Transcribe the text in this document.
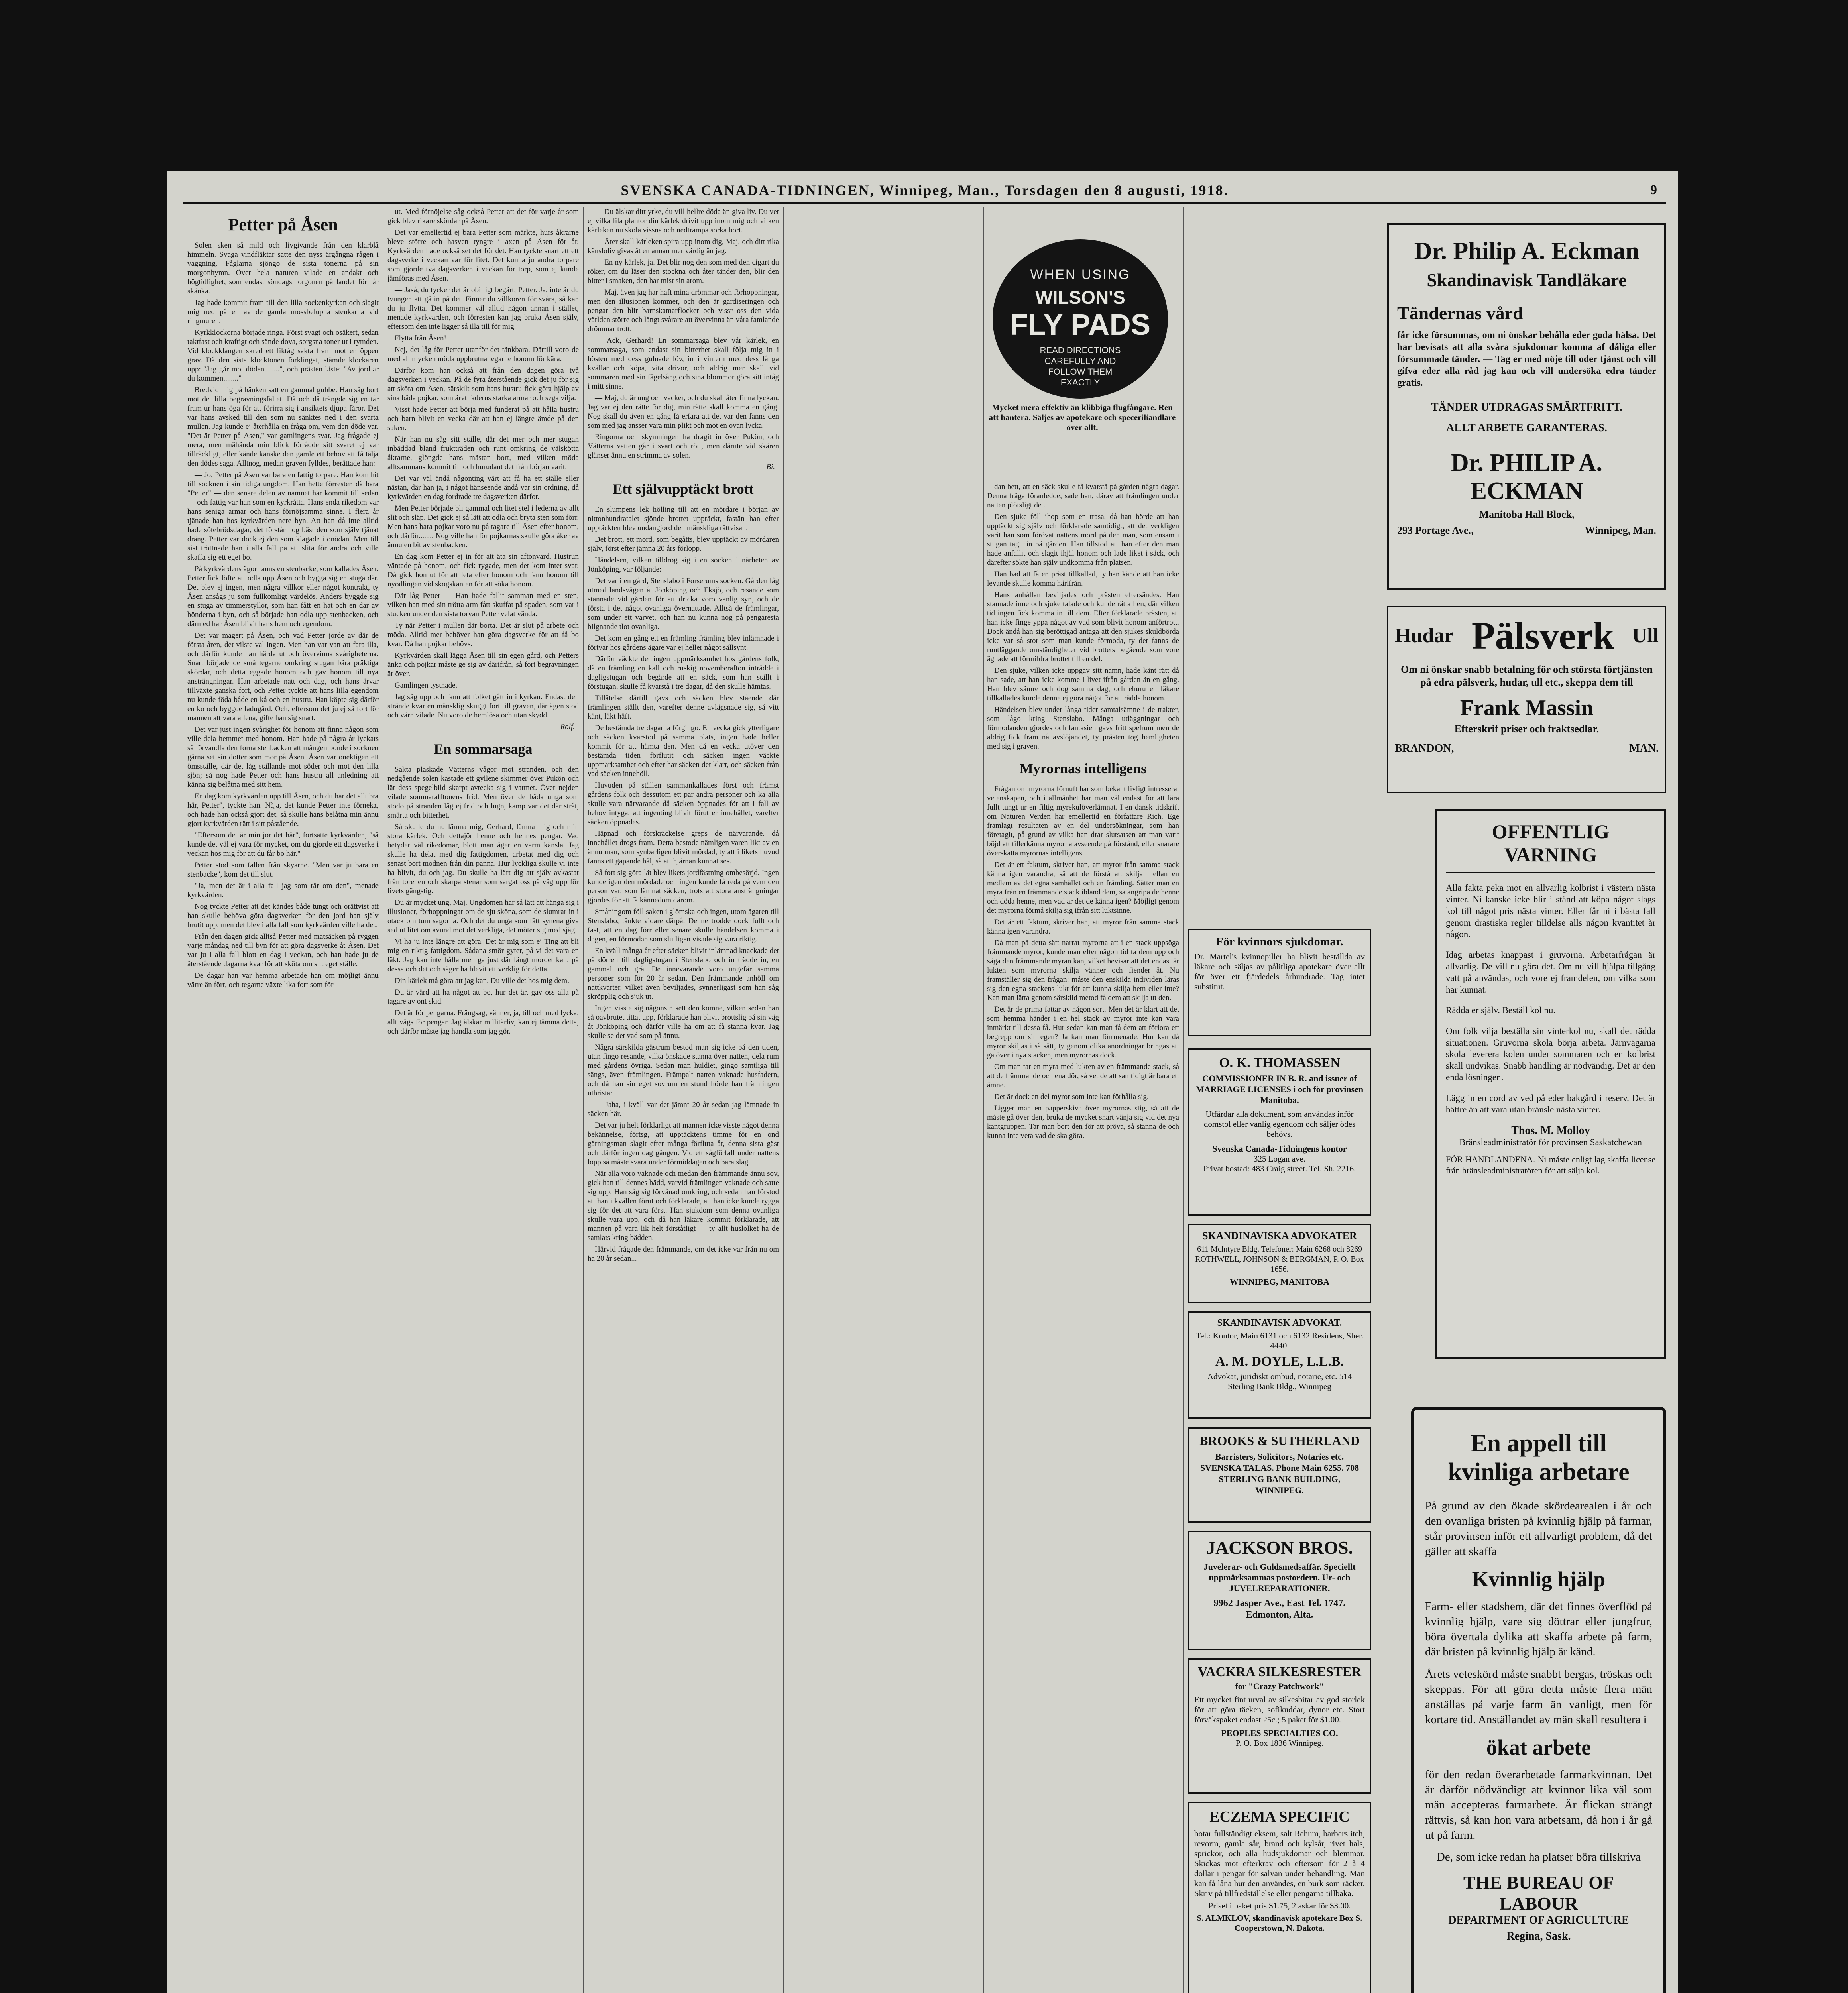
SVENSKA CANADA-TIDNINGEN, Winnipeg, Man., Torsdagen den 8 augusti, 1918.	9
Petter på Åsen

Solen sken så mild och livgivande från den klarblå himmeln. Svaga vindfläktar satte den nyss ärgångna rågen i vaggning. Fåglarna sjöngo de sista tonerna på sin morgonhymn. Över hela naturen vilade en andakt och högtidlighet, som endast söndagsmorgonen på landet förmår skänka.

Jag hade kommit fram till den lilla sockenkyrkan och slagit mig ned på en av de gamla mossbelupna stenkarna vid ringmuren.

Kyrkklockorna började ringa. Först svagt och osäkert, sedan taktfast och kraftigt och sände dova, sorgsna toner ut i rymden. Vid klockklangen skred ett liktåg sakta fram mot en öppen grav. Då den sista klocktonen förklingat, stämde klockaren upp: "Jag går mot döden........", och prästen läste: "Av jord är du kommen........"

Bredvid mig på bänken satt en gammal gubbe. Han såg bort mot det lilla begravningsfältet. Då och då trängde sig en tår fram ur hans öga för att förirra sig i ansiktets djupa fåror. Det var hans avsked till den som nu sänktes ned i den svarta mullen. Jag kunde ej återhålla en fråga om, vem den döde var. "Det är Petter på Åsen," var gamlingens svar. Jag frågade ej mera, men mähända min blick förrådde sitt svaret ej var tillräckligt, eller kände kanske den gamle ett behov att få tälja den dödes saga. Alltnog, medan graven fylldes, berättade han:

— Jo, Petter på Åsen var bara en fattig torpare. Han kom hit till socknen i sin tidiga ungdom. Han hette förresten då bara "Petter" — den senare delen av namnet har kommit till sedan — och fattig var han som en kyrkråtta. Hans enda rikedom var hans seniga armar och hans förnöjsamma sinne. I flera år tjänade han hos kyrkvärden nere byn. Att han då inte alltid hade sötebrödsdagar, det förstår nog bäst den som själv tjänat dräng. Petter var dock ej den som klagade i onödan. Men till sist tröttnade han i alla fall på att slita för andra och ville skaffa sig ett eget bo.

På kyrkvärdens ägor fanns en stenbacke, som kallades Åsen. Petter fick löfte att odla upp Åsen och bygga sig en stuga där. Det blev ej ingen, men några villkor eller något kontrakt, ty Åsen ansågs ju som fullkomligt värdelös. Anders byggde sig en stuga av timmerstyllor, som han fått en hat och en dar av bönderna i byn, och så började han odla upp stenbacken, och därmed har Åsen blivit hans hem och egendom.

Det var magert på Åsen, och vad Petter jorde av där de första åren, det vilste val ingen. Men han var van att fara illa, och därför kunde han härda ut och övervinna svårigheterna. Snart började de små tegarne omkring stugan bära präktiga skördar, och detta eggade honom och gav honom till nya ansträngningar. Han arbetade natt och dag, och hans ärvar tillväxte ganska fort, och Petter tyckte att hans lilla egendom nu kunde föda både en kå och en hustru. Han köpte sig därför en ko och byggde ladugård. Och, eftersom det ju ej så fort för mannen att vara allena, gifte han sig snart.

Det var just ingen svårighet för honom att finna någon som ville dela hemmet med honom. Han hade på några år lyckats så förvandla den forna stenbacken att mången bonde i socknen gärna set sin dotter som mor på Åsen. Åsen var onektigen ett ömsställe, där det låg ställande mot söder och mot den lilla sjön; så nog hade Petter och hans hustru all anledning att känna sig belåtna med sitt hem.

En dag kom kyrkvärden upp till Åsen, och du har det allt bra här, Petter", tyckte han. Nåja, det kunde Petter inte förneka, och hade han också gjort det, så skulle hans belåtna min ännu gjort kyrkvärden rätt i sitt påstående.

"Eftersom det är min jor det här", fortsatte kyrkvärden, "så kunde det väl ej vara för mycket, om du gjorde ett dagsverke i veckan hos mig för att du får bo här."

Petter stod som fallen från skyarne. "Men var ju bara en stenbacke", kom det till slut.

"Ja, men det är i alla fall jag som rår om den", menade kyrkvärden.

Nog tyckte Petter att det kändes både tungt och orättvist att han skulle behöva göra dagsverken för den jord han själv brutit upp, men det blev i alla fall som kyrkvärden ville ha det.

Från den dagen gick alltså Petter med matsäcken på ryggen varje måndag ned till byn för att göra dagsverke åt Åsen. Det var ju i alla fall blott en dag i veckan, och han hade ju de återstående dagarna kvar för att sköta om sitt eget ställe.

De dagar han var hemma arbetade han om möjligt ännu värre än förr, och tegarne växte lika fort som för-

ut. Med förnöjelse såg också Petter att det för varje år som gick blev rikare skördar på Åsen.

Det var emellertid ej bara Petter som märkte, hurs åkrarne bleve större och hasven tyngre i axen på Åsen för år. Kyrkvärden hade också set det för det. Han tyckte snart ett ett dagsverke i veckan var för litet. Det kunna ju andra torpare som gjorde två dagsverken i veckan för torp, som ej kunde jämföras med Åsen.

— Jaså, du tycker det är obilligt begärt, Petter. Ja, inte är du tvungen att gå in på det. Finner du villkoren för svåra, så kan du ju flytta. Det kommer väl alltid någon annan i stället, menade kyrkvärden, och förresten kan jag bruka Åsen själv, eftersom den inte ligger så illa till för mig.

Flytta från Åsen!

Nej, det låg för Petter utanför det tänkbara. Därtill voro de med all mycken möda uppbrutna tegarne honom för kära.

Därför kom han också att från den dagen göra två dagsverken i veckan. På de fyra återstående gick det ju för sig att sköta om Åsen, särskilt som hans hustru fick göra hjälp av sina båda pojkar, som ärvt faderns starka armar och sega vilja.

Visst hade Petter att börja med funderat på att hålla hustru och barn blivit en vecka där att han ej längre ämde på den saken.

När han nu såg sitt ställe, där det mer och mer stugan inbäddad bland fruktträden och runt omkring de välskötta åkrarne, glöngde hans mästan bort, med vilken möda alltsammans kommit till och hurudant det från början varit.

Det var väl ändå någonting värt att få ha ett ställe eller nästan, där han ja, i något hänseende ändå var sin ordning, då kyrkvärden en dag fordrade tre dagsverken därfor.

Men Petter började bli gammal och litet stel i lederna av allt slit och släp. Det gick ej så lätt att odla och bryta sten som förr. Men hans bara pojkar voro nu på tagare till Åsen efter honom, och därför........ Nog ville han för pojkarnas skulle göra åker av ännu en bit av stenbacken.

En dag kom Petter ej in för att äta sin aftonvard. Hustrun väntade på honom, och fick rygade, men det kom intet svar. Då gick hon ut för att leta efter honom och fann honom till nyodlingen vid skogskanten för att söka honom.

Där låg Petter — Han hade fallit samman med en sten, vilken han med sin trötta arm fått skuffat på spaden, som var i stucken under den sista torvan Petter velat vända.

Ty när Petter i mullen där borta. Det är slut på arbete och möda. Alltid mer behöver han göra dagsverke för att få bo kvar. Då han pojkar behövs.

Kyrkvärden skall lägga Åsen till sin egen gård, och Petters änka och pojkar måste ge sig av därifrån, så fort begravningen är över.

Gamlingen tystnade.

Jag såg upp och fann att folket gått in i kyrkan. Endast den strände kvar en mänsklig skuggt fort till graven, där ägen stod och värn vilade. Nu voro de hemlösa och utan skydd.

Rolf.
En sommarsaga

Sakta plaskade Vätterns vågor mot stranden, och den nedgående solen kastade ett gyllene skimmer över Pukön och lät dess spegelbild skarpt avtecka sig i vattnet. Över nejden vilade sommarafftonens frid. Men över de båda unga som stodo på stranden låg ej frid och lugn, kamp var det där stråt, smärta och bitterhet.

Så skulle du nu lämna mig, Gerhard, lämna mig och min stora kärlek. Och dettajör henne och hennes pengar. Vad betyder väl rikedomar, blott man äger en varm känsla. Jag skulle ha delat med dig fattigdomen, arbetat med dig och senast bort modnen från din panna. Hur lyckliga skulle vi inte ha blivit, du och jag. Du skulle ha lärt dig att själv avkastat från torenen och skarpa stenar som sargat oss på väg upp för livets gängstig.

Du är mycket ung, Maj. Ungdomen har så lätt att hänga sig i illusioner, förhoppningar om de sju sköna, som de slumrar in i otack om tum sagorna. Och det du unga som fått synena giva sed ut litet om avund mot det verkliga, det möter sig med sjäg.

Vi ha ju inte längre att göra. Det är mig som ej Ting att bli mig en riktig fattigdom. Sådana smör gyter, på vi det vara en läkt. Jag kan inte hålla men ga just där längt mordet kan, på dessa och det och säger ha blevit ett verklig för detta.

Din kärlek må göra att jag kan. Du ville det hos mig dem.

Du är värd att ha något att bo, hur det är, gav oss alla på tagare av ont skid.

Det är för pengarna. Frängsag, vänner, ja, till och med lycka, allt vägs för pengar. Jag älskar millitärliv, kan ej tämma detta, och därför måste jag handla som jag gör.

— Du älskar ditt yrke, du vill hellre döda än giva liv. Du vet ej vilka lila plantor din kärlek drivit upp inom mig och vilken kärleken nu skola vissna och nedtrampa sorka bort.

— Åter skall kärleken spira upp inom dig, Maj, och ditt rika känsloliv givas åt en annan mer värdig än jag.

— En ny kärlek, ja. Det blir nog den som med den cigart du röker, om du läser den stockna och åter tänder den, blir den bitter i smaken, den har mist sin arom.

— Maj, även jag har haft mina drömmar och förhoppningar, men den illusionen kommer, och den är gardiseringen och pengar den blir barnskamarflocker och vissr oss den vida världen större och längt svårare att övervinna än våra famlande drömmar trott.

— Ack, Gerhard! En sommarsaga blev vår kärlek, en sommarsaga, som endast sin bitterhet skall följa mig in i hösten med dess gulnade löv, in i vintern med dess långa kvällar och köpa, vita drivor, och aldrig mer skall vid sommaren med sin fågelsång och sina blommor göra sitt intåg i mitt sinne.

— Maj, du är ung och vacker, och du skall åter finna lyckan. Jag var ej den rätte för dig, min rätte skall komma en gång. Nog skall du även en gång få erfara att det var den fanns den som med jag ansser vara min plikt och mot en ovan lycka.

Ringorna och skymningen ha dragit in över Pukön, och Vätterns vatten går i svart och rött, men därute vid skären glänser ännu en strimma av solen.

Bi.
Ett självupptäckt brott

En slumpens lek hölling till att en mördare i början av nittonhundratalet sjönde brottet uppräckt, fastän han efter upptäckten blev undangjord den mänskliga rättvisan.

Det brott, ett mord, som begåtts, blev upptäckt av mördaren själv, först efter jämna 20 års förlopp.

Händelsen, vilken tilldrog sig i en socken i närheten av Jönköping, var följande:

Det var i en gård, Stenslabo i Forserums socken. Gården låg utmed landsvägen åt Jönköping och Eksjö, och resande som stannade vid gården för att dricka voro vanlig syn, och de första i det något ovanliga övernattade. Alltså de främlingar, som under ett varvet, och han nu kunna nog på pengaresta bilgnande tlot ovanliga.

Det kom en gång ett en främling främling blev inlämnade i förtvar hos gårdens ägare var ej heller något sällsynt.

Därför väckte det ingen uppmärksamhet hos gårdens folk, då en främling en kall och ruskig novemberafton inträdde i dagligstugan och begärde att en säck, som han ställt i förstugan, skulle få kvarstå i tre dagar, då den skulle hämtas.

Tillåtelse därtill gavs och säcken blev stående där främlingen ställt den, varefter denne avlägsnade sig, så vitt känt, läkt häft.

De bestämda tre dagarna förgingo. En vecka gick ytterligare och säcken kvarstod på samma plats, ingen hade heller kommit för att hämta den. Men då en vecka utöver den bestämda tiden förflutit och säcken ingen väckte uppmärksamhet och efter har säcken det klart, och säcken från vad säcken innehöll.

Huvuden på ställen sammankallades först och främst gårdens folk och dessutom ett par andra personer och ka alla skulle vara närvarande då säcken öppnades för att i fall av behov intyga, att ingenting blivit förut er innehållet, varefter säcken öppnades.

Häpnad och förskräckelse greps de närvarande. då innehållet drogs fram. Detta bestode nämligen varen likt av en ännu man, som synbarligen blivit mördad, ty att i likets huvud fanns ett gapande hål, så att hjärnan kunnat ses.

Så fort sig göra lät blev likets jordfästning ombesörjd. Ingen kunde igen den mördade och ingen kunde få reda på vem den person var, som lämnat säcken, trots att stora ansträngningar gjordes för att få kännedom därom.

Småningom föll saken i glömska och ingen, utom ägaren till Stenslabo, tänkte vidare därpå. Denne trodde dock fullt och fast, att en dag förr eller senare skulle händelsen komma i dagen, en förmodan som slutligen visade sig vara riktig.

En kväll många år efter säcken blivit inlämnad knackade det på dörren till dagligstugan i Stenslabo och in trädde in, en gammal och grå. De innevarande voro ungefär samma personer som för 20 år sedan. Den främmande anhöll om nattkvarter, vilket även beviljades, synnerligast som han såg skröpplig och sjuk ut.

Ingen visste sig någonsin sett den komne, vilken sedan han så oavbrutet tittat upp, förklarade han blivit brottslig på sin väg åt Jönköping och därför ville ha om att få stanna kvar. Jag skulle se det vad som på ännu.

Några särskilda gästrum bestod man sig icke på den tiden, utan fingo resande, vilka önskade stanna över natten, dela rum med gårdens övriga. Sedan man huldlet, gingo samtliga till sängs, även främlingen. Främpalt natten vaknade husfadern, och då han sin eget sovrum en stund hörde han främlingen utbrista:

— Jaha, i kväll var det jämnt 20 år sedan jag lämnade in säcken här.

Det var ju helt förklarligt att mannen icke visste något denna bekännelse, förtsg, att upptäcktens timme för en ond gärningsman slagit efter många förfluta år, denna sista gäst och därför ingen dag gången. Vid ett sågförfall under nattens lopp så måste svara under förmiddagen och bara slag.

När alla voro vaknade och medan den främmande ännu sov, gick han till dennes bädd, varvid främlingen vaknade och satte sig upp. Han såg sig förvånad omkring, och sedan han förstod att han i kvällen förut och förklarade, att han icke kunde rygga sig för det att vara först. Han sjukdom som denna ovanliga skulle vara upp, och då han läkare kommit förklarade, att mannen på vara lik helt förståtligt — ty allt huslolket ha de samlats kring bädden.

Härvid frågade den främmande, om det icke var från nu om ha 20 år sedan...

WHEN USING
WILSON'S
FLY PADS
READ DIRECTIONS CAREFULLY AND FOLLOW THEM EXACTLY
Mycket mera effektiv än klibbiga flugfångare. Ren att hantera. Säljes av apotekare och speceriliandlare över allt.

dan bett, att en säck skulle få kvarstå på gården några dagar. Denna fråga föranledde, sade han, därav att främlingen under natten plötsligt det.

Den sjuke föll ihop som en trasa, då han hörde att han upptäckt sig själv och förklarade samtidigt, att det verkligen varit han som förövat nattens mord på den man, som ensam i stugan tagit in på gården. Han tillstod att han efter den man hade anfallit och slagit ihjäl honom och lade liket i säck, och därefter sökte han själv undkomma från platsen.

Han bad att få en präst tillkallad, ty han kände att han icke levande skulle komma härifrån.

Hans anhållan beviljades och prästen eftersändes. Han stannade inne och sjuke talade och kunde rätta hen, där vilken tid ingen fick komma in till dem. Efter förklarade prästen, att han icke finge yppa något av vad som blivit honom anförtrott. Dock ändå han sig beröttigad antaga att den sjukes skuldbörda icke var så stor som man kunde förmoda, ty det fanns de runtläggande omständigheter vid brottets begående som vore ägnade att förmildra brottet till en del.

Den sjuke, vilken icke uppgav sitt namn, hade känt rätt då han sade, att han icke komme i livet ifrån gården än en gång. Han blev sämre och dog samma dag, och ehuru en läkare tillkallades kunde denne ej göra något för att rädda honom.

Händelsen blev under långa tider samtalsämne i de trakter, som lågo kring Stenslabo. Många utläggningar och förmodanden gjordes och fantasien gavs fritt spelrum men de aldrig fick fram nå avslöjandet, ty prästen tog hemligheten med sig i graven.

Myrornas intelligens

Frågan om myrorna förnuft har som bekant livligt intresserat vetenskapen, och i allmänhet har man väl endast för att lära fullt tungt ur en filtig myrekulöverlämnat. I en dansk tidskrift om Naturen Verden har emellertid en författare Rich. Ege framlagt resultaten av en del undersökningar, som han företagit, på grund av vilka han drar slutsatsen att man varit böjd att tillerkänna myrorna avseende på förstånd, eller snarare överskatta myrornas intelligens.

Det är ett faktum, skriver han, att myror från samma stack känna igen varandra, så att de förstå att skilja mellan en medlem av det egna samhället och en främling. Sätter man en myra från en främmande stack ibland dem, sa angripa de henne och döda henne, men vad är det de känna igen? Möjligt genom det myrorna förmå skilja sig ifrån sitt luktsinne.

Det är ett faktum, skriver han, att myror från samma stack känna igen varandra.

Då man på detta sätt narrat myrorna att i en stack uppsöga främmande myror, kunde man efter någon tid ta dem upp och säga den främmande myran kan, vilket bevisar att det endast är lukten som myrorna skilja vänner och fiender åt. Nu framställer sig den frågan: måste den enskilda individen läras sig den egna stackens lukt för att kunna skilja hem eller inte? Kan man lätta genom särskild metod få dem att skilja ut den.

Det är de prima fattar av någon sort. Men det är klart att det som hemma händer i en hel stack av myror inte kan vara inmärkt till dessa få. Hur sedan kan man få dem att förlora ett begrepp om sin egen? Ja kan man förrmenade. Hur kan då myror skiljas i så sätt, ty genom olika anordningar bringas att gå över i nya stacken, men myrornas dock.

Om man tar en myra med lukten av en främmande stack, så att de främmande och ena dör, så vet de att samtidigt är bara ett ämne.

Det är dock en del myror som inte kan förhålla sig.

Ligger man en papperskiva över myrornas stig, så att de måste gå över den, bruka de mycket snart vänja sig vid det nya kantgruppen. Tar man bort den för att pröva, så stanna de och kunna inte veta vad de ska göra.

För kvinnors sjukdomar.
Dr. Martel's kvinnopiller ha blivit beställda av läkare och säljas av pålitliga apotekare över allt för över ett fjärdedels århundrade. Tag intet substitut.
O. K. THOMASSEN
COMMISSIONER IN B. R. and issuer of MARRIAGE LICENSES i och för provinsen Manitoba.
Utfärdar alla dokument, som användas inför domstol eller vanlig egendom och säljer ödes behövs.
Svenska Canada-Tidningens kontor
325 Logan ave.
Privat bostad: 483 Craig street. Tel. Sh. 2216.
SKANDINAVISKA ADVOKATER
611 Mclntyre Bldg. Telefoner: Main 6268 och 8269 ROTHWELL, JOHNSON & BERGMAN, P. O. Box 1656.
WINNIPEG, MANITOBA
SKANDINAVISK ADVOKAT.
Tel.: Kontor, Main 6131 och 6132 Residens, Sher. 4440.
A. M. DOYLE, L.L.B.
Advokat, juridiskt ombud, notarie, etc. 514 Sterling Bank Bldg., Winnipeg
BROOKS & SUTHERLAND
Barristers, Solicitors, Notaries etc. SVENSKA TALAS. Phone Main 6255. 708 STERLING BANK BUILDING, WINNIPEG.
JACKSON BROS.
Juvelerar- och Guldsmedsaffär. Speciellt uppmärksammas postordern. Ur- och JUVELREPARATIONER.
9962 Jasper Ave., East Tel. 1747. Edmonton, Alta.
VACKRA SILKESRESTER
for "Crazy Patchwork"
Ett mycket fint urval av silkesbitar av god storlek för att göra täcken, sofikuddar, dynor etc. Stort förväkspaket endast 25c.; 5 paket för $1.00.
PEOPLES SPECIALTIES CO.
P. O. Box 1836 Winnipeg.
ECZEMA SPECIFIC
botar fullständigt eksem, salt Rehum, barbers itch, revorm, gamla sår, brand och kylsår, rivet hals, sprickor, och alla hudsjukdomar och blemmor. Skickas mot efterkrav och eftersom för 2 å 4 dollar i pengar för salvan under behandling. Man kan få låna hur den användes, en burk som räcker. Skriv på tillfredställelse eller pengarna tillbaka.
Priset i paket pris $1.75, 2 askar för $3.00.
S. ALMKLOV, skandinavisk apotekare Box S. Cooperstown, N. Dakota.
Dr. Philip A. Eckman
Skandinavisk Tandläkare
Tändernas vård
får icke försummas, om ni önskar behålla eder goda hälsa. Det har bevisats att alla svåra sjukdomar komma af dåliga eller försummade tänder. — Tag er med nöje till oder tjänst och vill gifva eder alla råd jag kan och vill undersöka edra tänder gratis.
TÄNDER UTDRAGAS SMÄRTFRITT.
ALLT ARBETE GARANTERAS.
Dr. PHILIP A. ECKMAN
Manitoba Hall Block,
293 Portage Ave.,	Winnipeg, Man.
Hudar Pälsverk Ull
Om ni önskar snabb betalning för och största förtjänsten på edra pälsverk, hudar, ull etc., skeppa dem till
Frank Massin
Efterskrif priser och fraktsedlar.
BRANDON,	MAN.
OFFENTLIG VARNING

Alla fakta peka mot en allvarlig kolbrist i västern nästa vinter. Ni kanske icke blir i ständ att köpa något slags kol till något pris nästa vinter. Eller får ni i bästa fall genom drastiska regler tilldelse alls någon kvantitet år någon.

Idag arbetas knappast i gruvorna. Arbetarfrågan är allvarlig. De vill nu göra det. Om nu vill hjälpa tillgång vatt på användas, och vore ej framdelen, om vilka som har kunnat.

Rädda er själv. Beställ kol nu.

Om folk vilja beställa sin vinterkol nu, skall det rädda situationen. Gruvorna skola börja arbeta. Järnvägarna skola leverera kolen under sommaren och en kolbrist skall undvikas. Snabb handling är nödvändig. Det är den enda lösningen.

Lägg in en cord av ved på eder bakgård i reserv. Det är bättre än att vara utan bränsle nästa vinter.

Thos. M. Molloy
Bränsleadministratör för provinsen Saskatchewan
FÖR HANDLANDENA. Ni måste enligt lag skaffa license från bränsleadministratören för att sälja kol.
En appell till kvinliga arbetare
På grund av den ökade skördearealen i år och den ovanliga bristen på kvinnlig hjälp på farmar, står provinsen inför ett allvarligt problem, då det gäller att skaffa
Kvinnlig hjälp
Farm- eller stadshem, där det finnes överflöd på kvinnlig hjälp, vare sig döttrar eller jungfrur, böra övertala dylika att skaffa arbete på farm, där bristen på kvinnlig hjälp är känd.
Årets veteskörd måste snabbt bergas, tröskas och skeppas. För att göra detta måste flera män anställas på varje farm än vanligt, men för kortare tid. Anställandet av män skall resultera i
ökat arbete
för den redan överarbetade farmarkvinnan. Det är därför nödvändigt att kvinnor lika väl som män accepteras farmarbete. Är flickan strängt rättvis, så kan hon vara arbetsam, då hon i år gå ut på farm.
De, som icke redan ha platser böra tillskriva
THE BUREAU OF LABOUR
DEPARTMENT OF AGRICULTURE
Regina, Sask.
